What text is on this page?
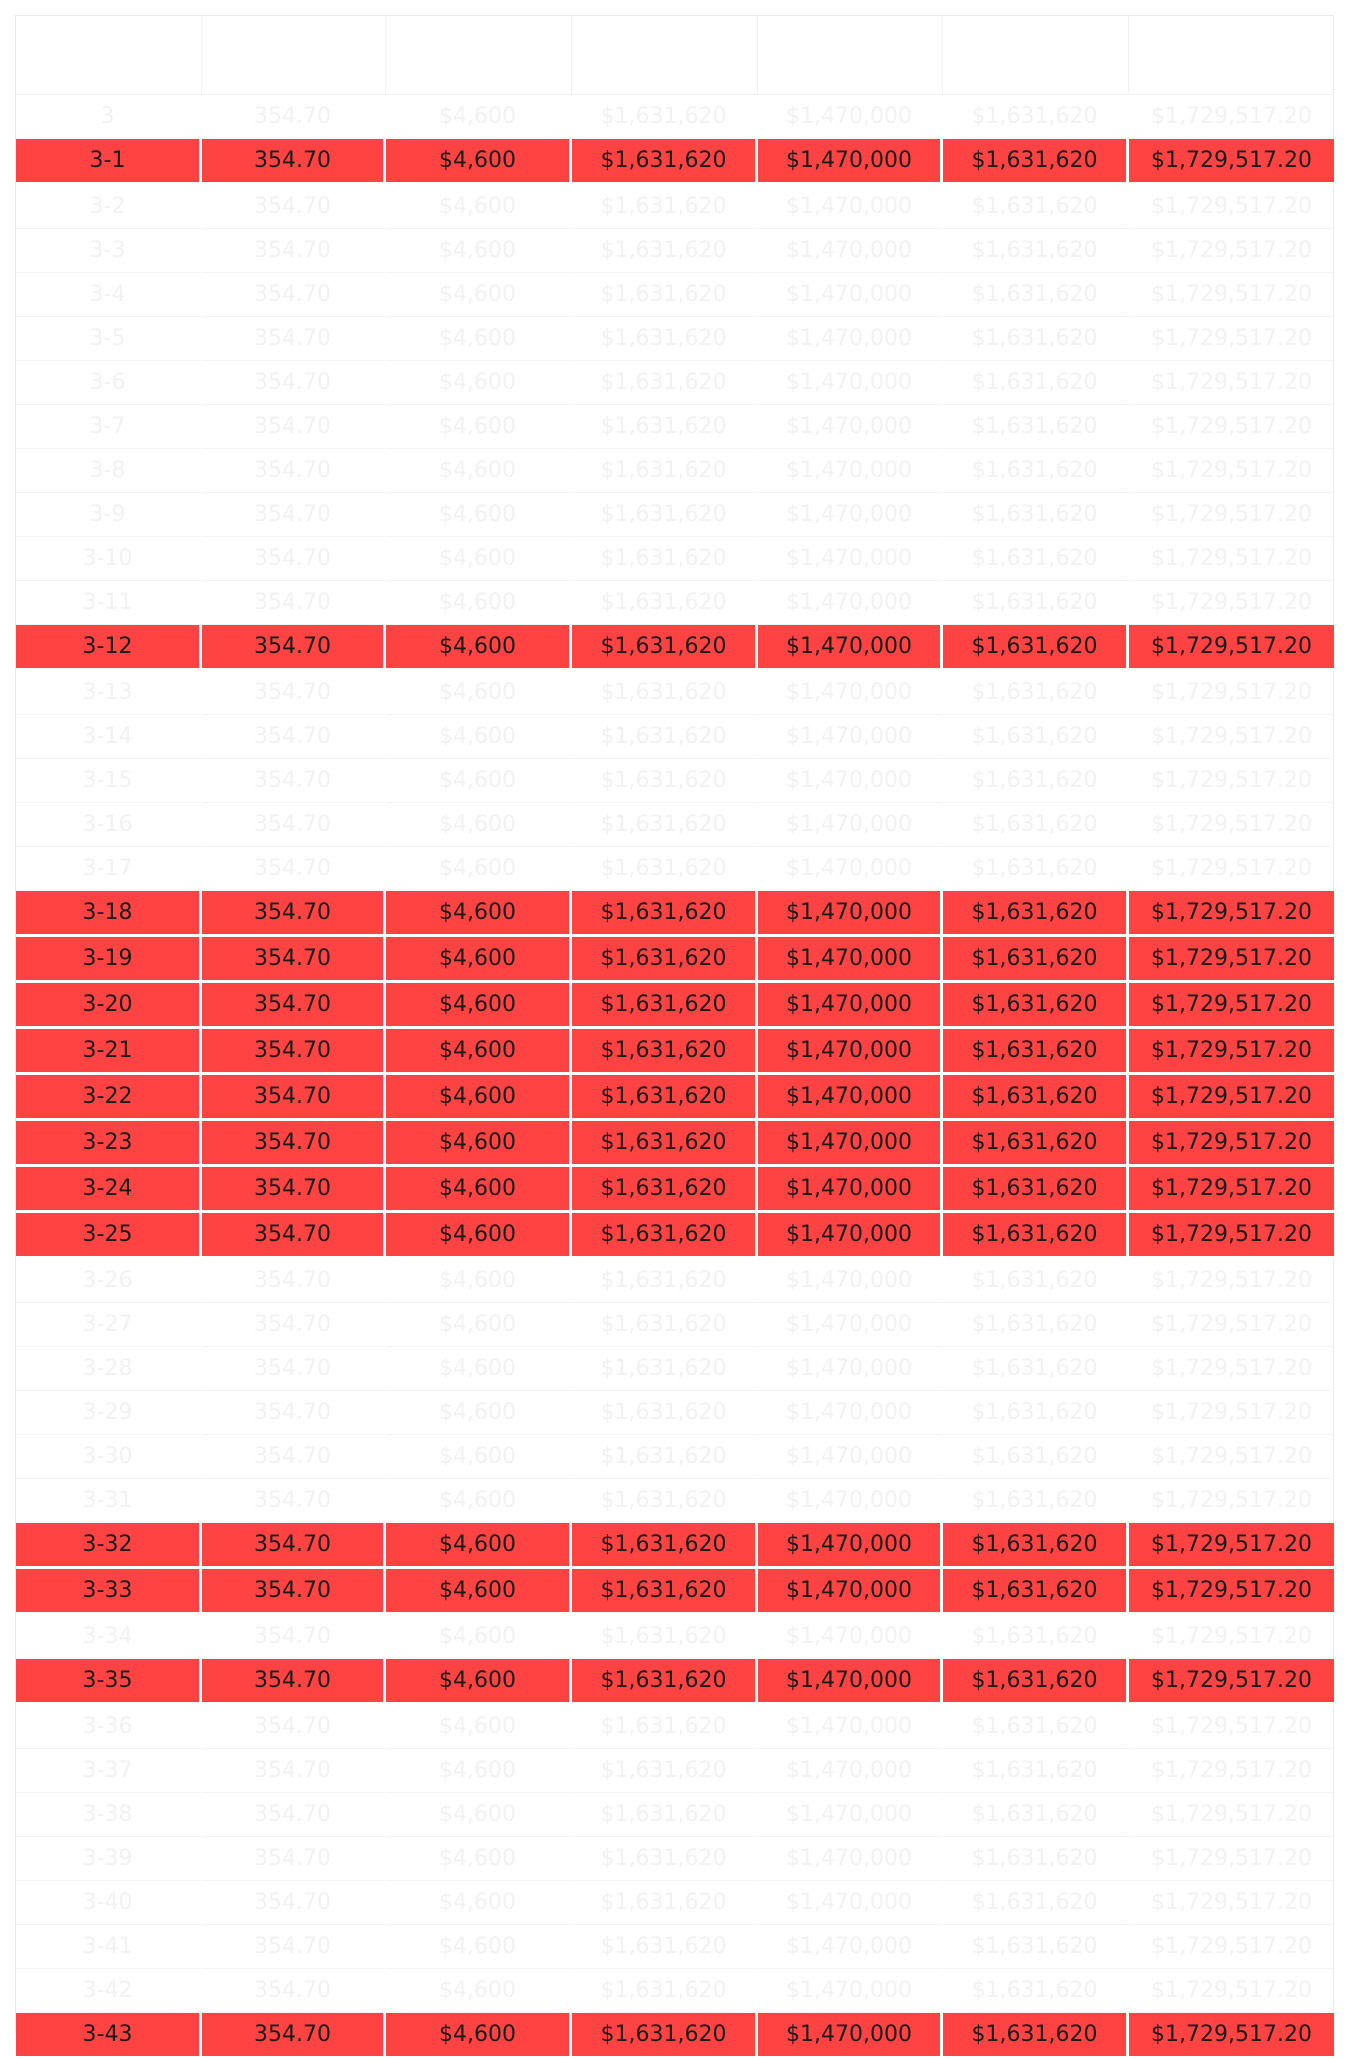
3	354.70	$4,600	$1,631,620	$1,470,000	$1,631,620	$1,729,517.20
3-1	354.70	$4,600	$1,631,620	$1,470,000	$1,631,620	$1,729,517.20
3-2	354.70	$4,600	$1,631,620	$1,470,000	$1,631,620	$1,729,517.20
3-3	354.70	$4,600	$1,631,620	$1,470,000	$1,631,620	$1,729,517.20
3-4	354.70	$4,600	$1,631,620	$1,470,000	$1,631,620	$1,729,517.20
3-5	354.70	$4,600	$1,631,620	$1,470,000	$1,631,620	$1,729,517.20
3-6	354.70	$4,600	$1,631,620	$1,470,000	$1,631,620	$1,729,517.20
3-7	354.70	$4,600	$1,631,620	$1,470,000	$1,631,620	$1,729,517.20
3-8	354.70	$4,600	$1,631,620	$1,470,000	$1,631,620	$1,729,517.20
3-9	354.70	$4,600	$1,631,620	$1,470,000	$1,631,620	$1,729,517.20
3-10	354.70	$4,600	$1,631,620	$1,470,000	$1,631,620	$1,729,517.20
3-11	354.70	$4,600	$1,631,620	$1,470,000	$1,631,620	$1,729,517.20
3-12	354.70	$4,600	$1,631,620	$1,470,000	$1,631,620	$1,729,517.20
3-13	354.70	$4,600	$1,631,620	$1,470,000	$1,631,620	$1,729,517.20
3-14	354.70	$4,600	$1,631,620	$1,470,000	$1,631,620	$1,729,517.20
3-15	354.70	$4,600	$1,631,620	$1,470,000	$1,631,620	$1,729,517.20
3-16	354.70	$4,600	$1,631,620	$1,470,000	$1,631,620	$1,729,517.20
3-17	354.70	$4,600	$1,631,620	$1,470,000	$1,631,620	$1,729,517.20
3-18	354.70	$4,600	$1,631,620	$1,470,000	$1,631,620	$1,729,517.20
3-19	354.70	$4,600	$1,631,620	$1,470,000	$1,631,620	$1,729,517.20
3-20	354.70	$4,600	$1,631,620	$1,470,000	$1,631,620	$1,729,517.20
3-21	354.70	$4,600	$1,631,620	$1,470,000	$1,631,620	$1,729,517.20
3-22	354.70	$4,600	$1,631,620	$1,470,000	$1,631,620	$1,729,517.20
3-23	354.70	$4,600	$1,631,620	$1,470,000	$1,631,620	$1,729,517.20
3-24	354.70	$4,600	$1,631,620	$1,470,000	$1,631,620	$1,729,517.20
3-25	354.70	$4,600	$1,631,620	$1,470,000	$1,631,620	$1,729,517.20
3-26	354.70	$4,600	$1,631,620	$1,470,000	$1,631,620	$1,729,517.20
3-27	354.70	$4,600	$1,631,620	$1,470,000	$1,631,620	$1,729,517.20
3-28	354.70	$4,600	$1,631,620	$1,470,000	$1,631,620	$1,729,517.20
3-29	354.70	$4,600	$1,631,620	$1,470,000	$1,631,620	$1,729,517.20
3-30	354.70	$4,600	$1,631,620	$1,470,000	$1,631,620	$1,729,517.20
3-31	354.70	$4,600	$1,631,620	$1,470,000	$1,631,620	$1,729,517.20
3-32	354.70	$4,600	$1,631,620	$1,470,000	$1,631,620	$1,729,517.20
3-33	354.70	$4,600	$1,631,620	$1,470,000	$1,631,620	$1,729,517.20
3-34	354.70	$4,600	$1,631,620	$1,470,000	$1,631,620	$1,729,517.20
3-35	354.70	$4,600	$1,631,620	$1,470,000	$1,631,620	$1,729,517.20
3-36	354.70	$4,600	$1,631,620	$1,470,000	$1,631,620	$1,729,517.20
3-37	354.70	$4,600	$1,631,620	$1,470,000	$1,631,620	$1,729,517.20
3-38	354.70	$4,600	$1,631,620	$1,470,000	$1,631,620	$1,729,517.20
3-39	354.70	$4,600	$1,631,620	$1,470,000	$1,631,620	$1,729,517.20
3-40	354.70	$4,600	$1,631,620	$1,470,000	$1,631,620	$1,729,517.20
3-41	354.70	$4,600	$1,631,620	$1,470,000	$1,631,620	$1,729,517.20
3-42	354.70	$4,600	$1,631,620	$1,470,000	$1,631,620	$1,729,517.20
3-43	354.70	$4,600	$1,631,620	$1,470,000	$1,631,620	$1,729,517.20
